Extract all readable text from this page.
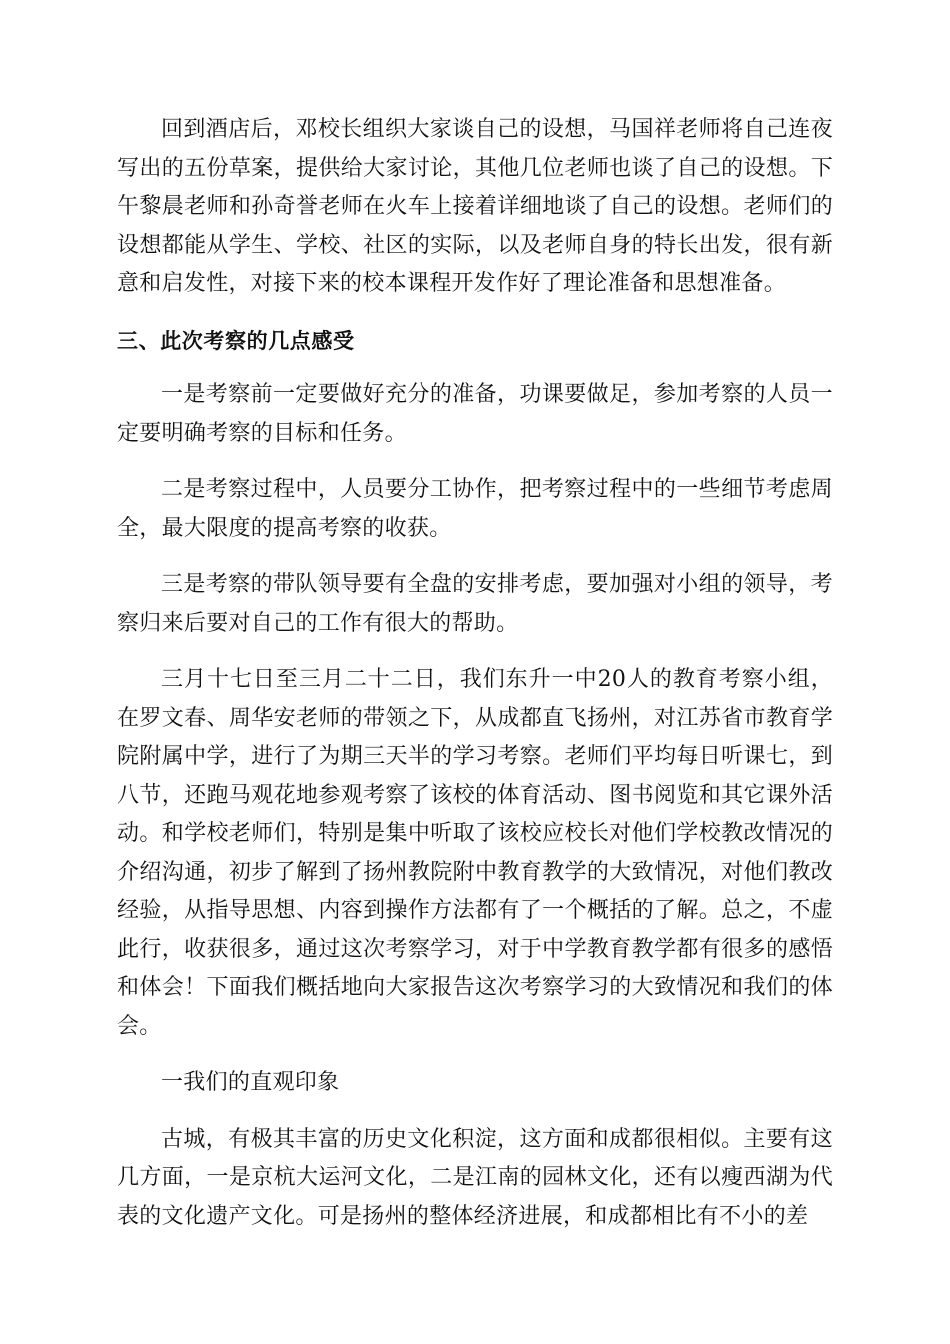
回到酒店后，邓校长组织大家谈自己的设想，马国祥老师将自己连夜写出的五份草案，提供给大家讨论，其他几位老师也谈了自己的设想。下午黎晨老师和孙奇誉老师在火车上接着详细地谈了自己的设想。老师们的设想都能从学生、学校、社区的实际，以及老师自身的特长出发，很有新意和启发性，对接下来的校本课程开发作好了理论准备和思想准备。

三、此次考察的几点感受

一是考察前一定要做好充分的准备，功课要做足，参加考察的人员一定要明确考察的目标和任务。

二是考察过程中，人员要分工协作，把考察过程中的一些细节考虑周全，最大限度的提高考察的收获。

三是考察的带队领导要有全盘的安排考虑，要加强对小组的领导，考察归来后要对自己的工作有很大的帮助。

三月十七日至三月二十二日，我们东升一中20人的教育考察小组，在罗文春、周华安老师的带领之下，从成都直飞扬州，对江苏省市教育学院附属中学，进行了为期三天半的学习考察。老师们平均每日听课七，到八节，还跑马观花地参观考察了该校的体育活动、图书阅览和其它课外活动。和学校老师们，特别是集中听取了该校应校长对他们学校教改情况的介绍沟通，初步了解到了扬州教院附中教育教学的大致情况，对他们教改经验，从指导思想、内容到操作方法都有了一个概括的了解。总之，不虚此行，收获很多，通过这次考察学习，对于中学教育教学都有很多的感悟和体会！下面我们概括地向大家报告这次考察学习的大致情况和我们的体会。

一我们的直观印象

古城，有极其丰富的历史文化积淀，这方面和成都很相似。主要有这几方面，一是京杭大运河文化，二是江南的园林文化，还有以瘦西湖为代表的文化遗产文化。可是扬州的整体经济进展，和成都相比有不小的差
